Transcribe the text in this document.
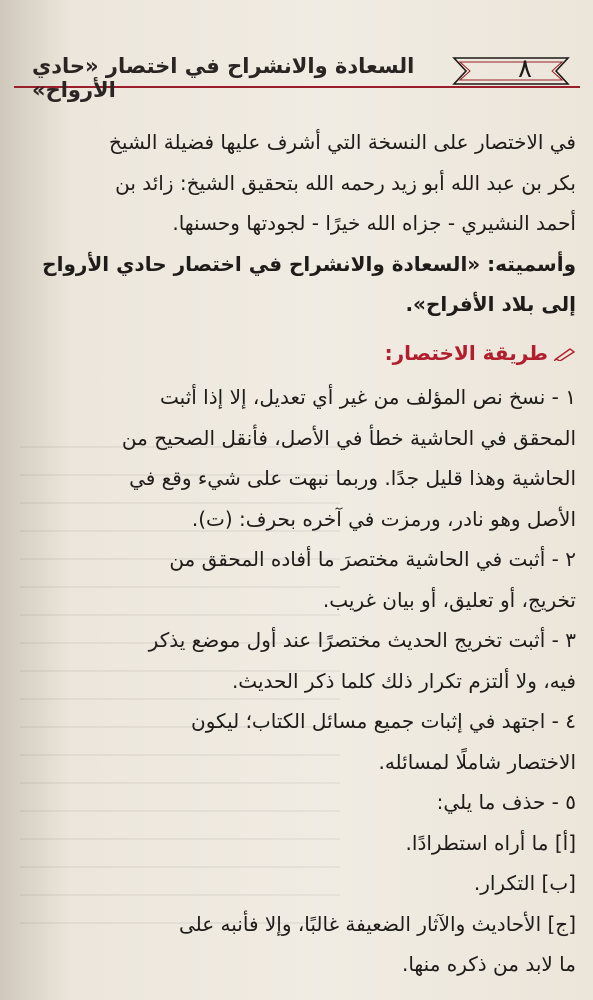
٨
السعادة والانشراح في اختصار «حادي الأرواح»
في الاختصار على النسخة التي أشرف عليها فضيلة الشيخ
بكر بن عبد الله أبو زيد رحمه الله بتحقيق الشيخ: زائد بن
أحمد النشيري - جزاه الله خيرًا - لجودتها وحسنها.
وأسميته: «السعادة والانشراح في اختصار حادي الأرواح
إلى بلاد الأفراح».
طريقة الاختصار:
١ - نسخ نص المؤلف من غير أي تعديل، إلا إذا أثبت
المحقق في الحاشية خطأ في الأصل، فأنقل الصحيح من
الحاشية وهذا قليل جدًا. وربما نبهت على شيء وقع في
الأصل وهو نادر، ورمزت في آخره بحرف: (ت).
٢ - أثبت في الحاشية مختصرَ ما أفاده المحقق من
تخريج، أو تعليق، أو بيان غريب.
٣ - أثبت تخريج الحديث مختصرًا عند أول موضع يذكر
فيه، ولا ألتزم تكرار ذلك كلما ذكر الحديث.
٤ - اجتهد في إثبات جميع مسائل الكتاب؛ ليكون
الاختصار شاملًا لمسائله.
٥ - حذف ما يلي:
[أ] ما أراه استطرادًا.
[ب] التكرار.
[ج] الأحاديث والآثار الضعيفة غالبًا، وإلا فأنبه على
ما لابد من ذكره منها.
